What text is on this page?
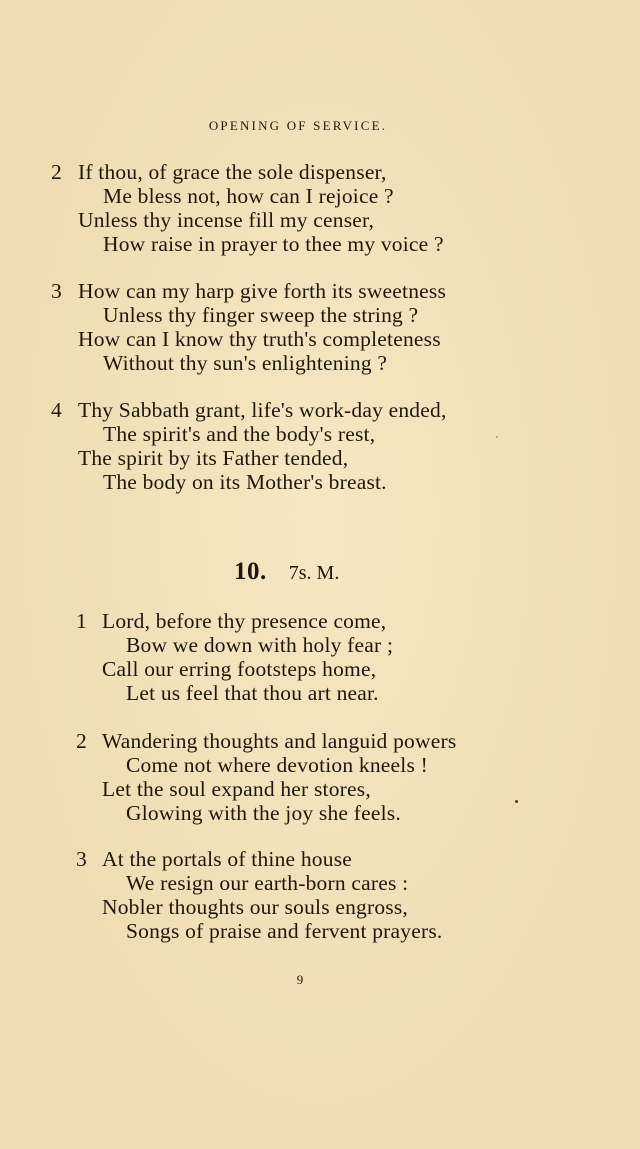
OPENING OF SERVICE.
2 If thou, of grace the sole dispenser,
Me bless not, how can I rejoice ?
Unless thy incense fill my censer,
How raise in prayer to thee my voice ?
3 How can my harp give forth its sweetness
Unless thy finger sweep the string ?
How can I know thy truth's completeness
Without thy sun's enlightening ?
4 Thy Sabbath grant, life's work-day ended,
The spirit's and the body's rest,
The spirit by its Father tended,
The body on its Mother's breast.
10. 7s. M.
1 Lord, before thy presence come,
Bow we down with holy fear ;
Call our erring footsteps home,
Let us feel that thou art near.
2 Wandering thoughts and languid powers
Come not where devotion kneels !
Let the soul expand her stores,
Glowing with the joy she feels.
3 At the portals of thine house
We resign our earth-born cares :
Nobler thoughts our souls engross,
Songs of praise and fervent prayers.
9
